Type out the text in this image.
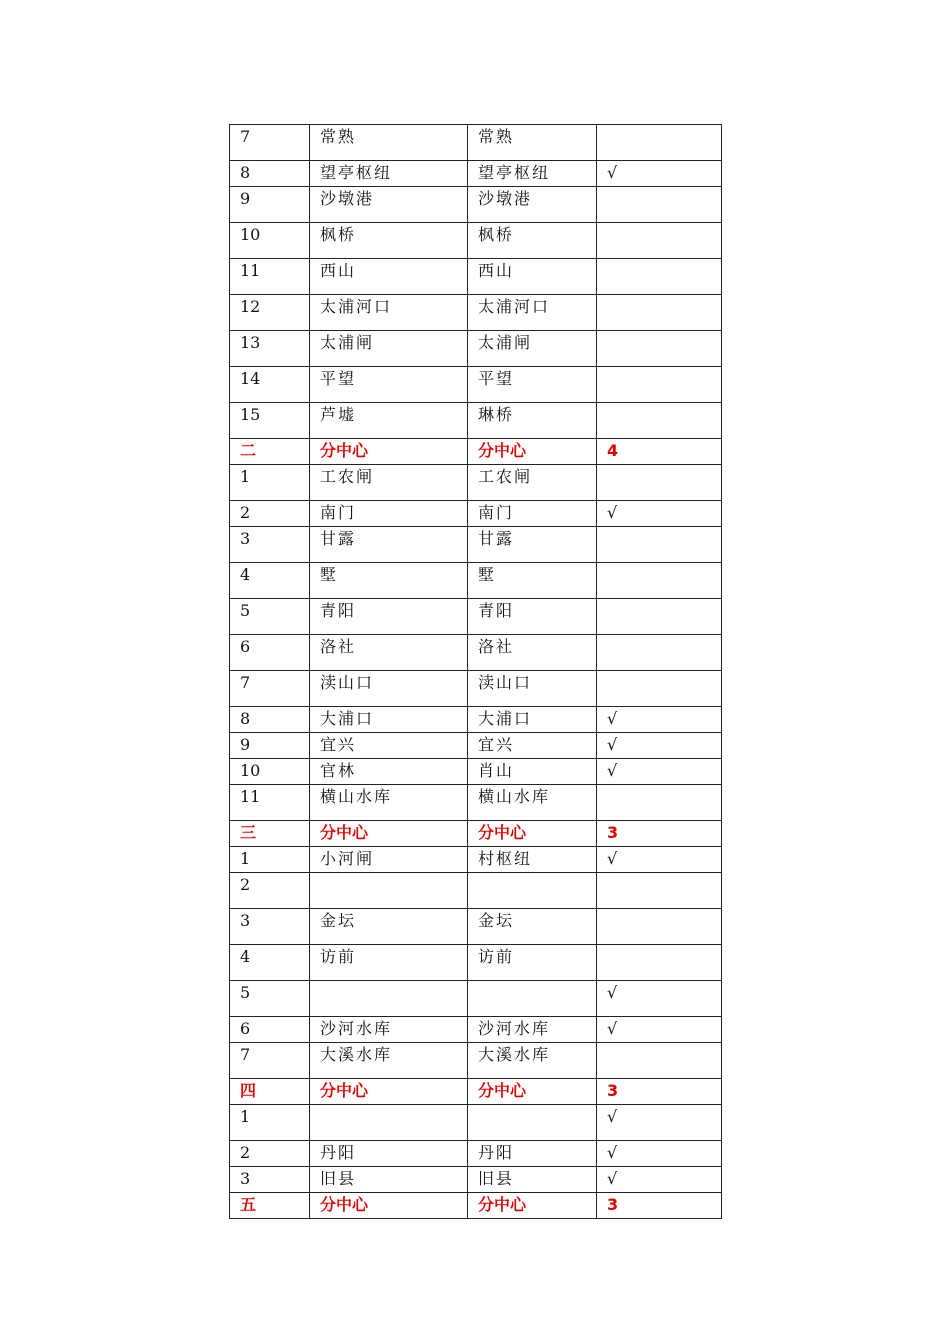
7	常熟	常熟	
8	望亭枢纽	望亭枢纽	√
9	沙墩港	沙墩港	
10	枫桥	枫桥	
11	西山	西山	
12	太浦河口	太浦河口	
13	太浦闸	太浦闸	
14	平望	平望	
15	芦墟	琳桥	
二	分中心	分中心	4
1	工农闸	工农闸	
2	南门	南门	√
3	甘露	甘露	
4	墅	墅	
5	青阳	青阳	
6	洛社	洛社	
7	渎山口	渎山口	
8	大浦口	大浦口	√
9	宜兴	宜兴	√
10	官林	肖山	√
11	横山水库	横山水库	
三	分中心	分中心	3
1	小河闸	村枢纽	√
2			
3	金坛	金坛	
4	访前	访前	
5			√
6	沙河水库	沙河水库	√
7	大溪水库	大溪水库	
四	分中心	分中心	3
1			√
2	丹阳	丹阳	√
3	旧县	旧县	√
五	分中心	分中心	3
